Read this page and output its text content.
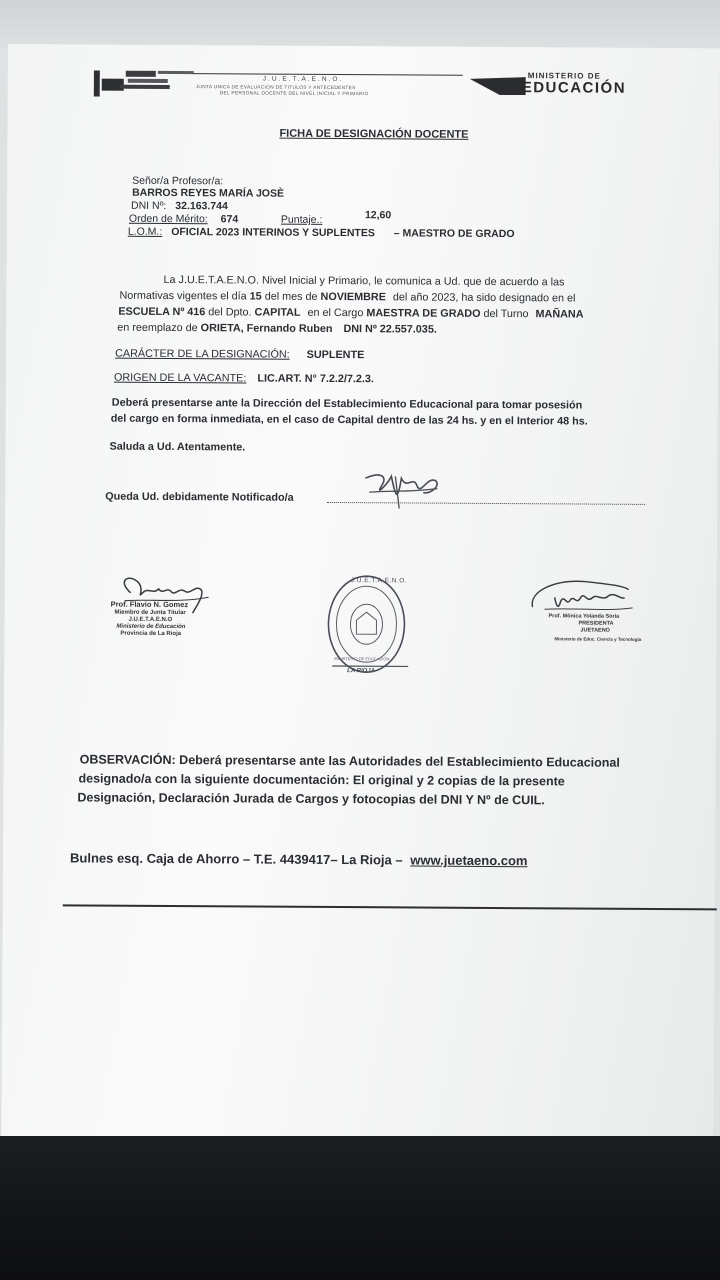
J.U.E.T.A.E.N.O.
JUNTA UNICA DE EVALUACION DE TITULOS Y ANTECEDENTES
DEL PERSONAL DOCENTE DEL NIVEL INICIAL Y PRIMARIO
MINISTERIO DE
EDUCACIÓN
FICHA DE DESIGNACIÓN DOCENTE
Señor/a Profesor/a:
BARROS REYES MARÍA JOSÈ
DNI Nº: 32.163.744
Orden de Mérito: 674	Puntaje.:	12,60
L.O.M.: OFICIAL 2023 INTERINOS Y SUPLENTES – MAESTRO DE GRADO
La J.U.E.T.A.E.N.O. Nivel Inicial y Primario, le comunica a Ud. que de acuerdo a las
Normativas vigentes el día 15 del mes de NOVIEMBRE del año 2023, ha sido designado en el
ESCUELA Nº 416 del Dpto. CAPITAL en el Cargo MAESTRA DE GRADO del Turno MAÑANA
en reemplazo de ORIETA, Fernando Ruben DNI Nº 22.557.035.
CARÁCTER DE LA DESIGNACIÓN: SUPLENTE
ORIGEN DE LA VACANTE: LIC.ART. N° 7.2.2/7.2.3.
Deberá presentarse ante la Dirección del Establecimiento Educacional para tomar posesión
del cargo en forma inmediata, en el caso de Capital dentro de las 24 hs. y en el Interior 48 hs.
Saluda a Ud. Atentamente.
Queda Ud. debidamente Notificado/a
Prof. Flavio N. Gomez
Miembro de Junta Titular
J.U.E.T.A.E.N.O
Ministerio de Educación
Provincia de La Rioja
J.U.E.T.A.E.N.O.
MINISTERIO DE EDUCACIÓN
LA RIOJA
Prof. Mónica Yolanda Soria
PRESIDENTA
JUETAENO
Ministerio de Educ. Ciencia y Tecnología
OBSERVACIÓN: Deberá presentarse ante las Autoridades del Establecimiento Educacional
designado/a con la siguiente documentación: El original y 2 copias de la presente
Designación, Declaración Jurada de Cargos y fotocopias del DNI Y Nº de CUIL.
Bulnes esq. Caja de Ahorro – T.E. 4439417– La Rioja – www.juetaeno.com
